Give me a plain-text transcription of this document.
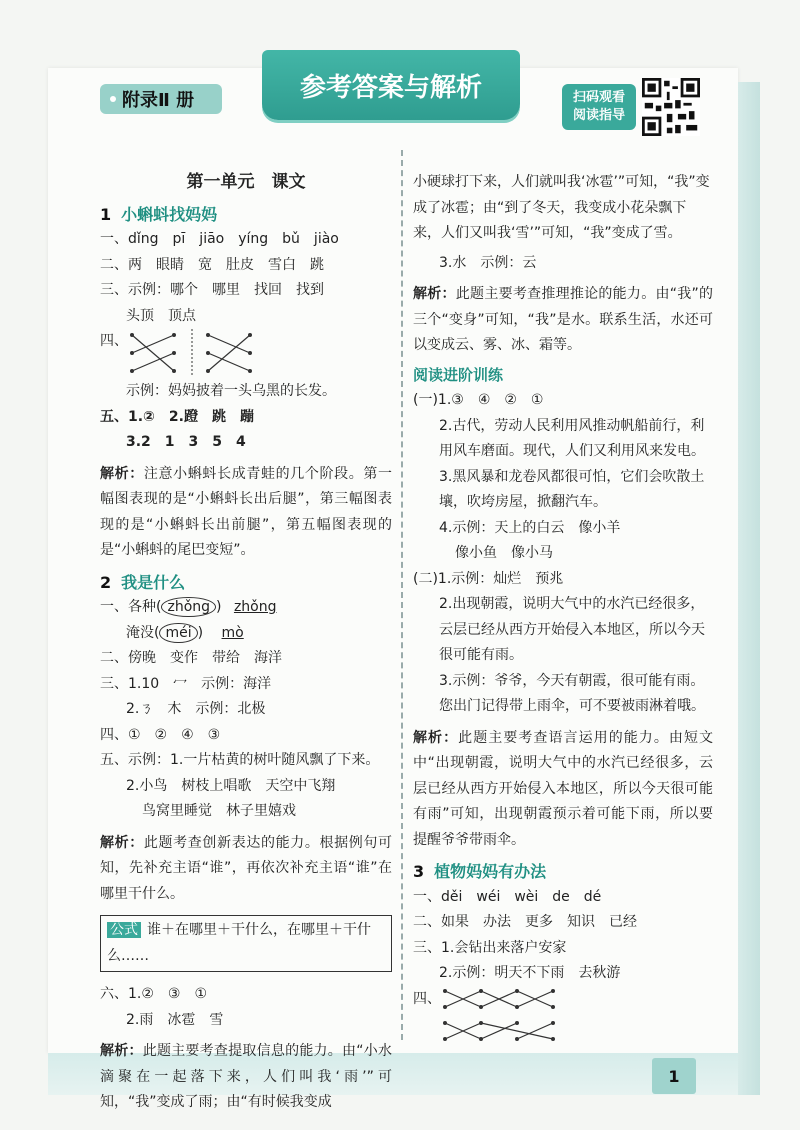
1
附录Ⅱ 册	参考答案与解析	扫码观看
阅读指导
第一单元　课文
1 小蝌蚪找妈妈
一、dǐng　pī　jiāo　yíng　bǔ　jiào
二、两　眼睛　宽　肚皮　雪白　跳
三、示例：哪个　哪里　找回　找到
头顶　顶点
四、
示例：妈妈披着一头乌黑的长发。
五、1.②　2.蹬　跳　蹦
3.2　1　3　5　4
解析：注意小蝌蚪长成青蛙的几个阶段。第一幅图表现的是“小蝌蚪长出后腿”，第三幅图表现的是“小蝌蚪长出前腿”，第五幅图表现的是“小蝌蚪的尾巴变短”。
2 我是什么
一、各种( zhǒng ) zhǒng
淹没( méi ) mò
二、傍晚　变作　带给　海洋
三、1.10　冖　示例：海洋
2.ㄋ　木　示例：北极
四、①　②　④　③
五、示例：1.一片枯黄的树叶随风飘了下来。
2.小鸟　树枝上唱歌　天空中飞翔
鸟窝里睡觉　林子里嬉戏
解析：此题考查创新表达的能力。根据例句可知，先补充主语“谁”，再依次补充主语“谁”在哪里干什么。
公式 谁＋在哪里＋干什么，在哪里＋干什么……
六、1.②　③　①
2.雨　冰雹　雪
解析：此题主要考查提取信息的能力。由“小水滴聚在一起落下来，人们叫我‘雨’”可知，“我”变成了雨；由“有时候我变成
小硬球打下来，人们就叫我‘冰雹’”可知，“我”变成了冰雹；由“到了冬天，我变成小花朵飘下来，人们又叫我‘雪’”可知，“我”变成了雪。
3.水　示例：云
解析：此题主要考查推理推论的能力。由“我”的三个“变身”可知，“我”是水。联系生活，水还可以变成云、雾、冰、霜等。
阅读进阶训练
(一)1.③　④　②　①
2.古代，劳动人民利用风推动帆船前行，利用风车磨面。现代，人们又利用风来发电。
3.黑风暴和龙卷风都很可怕，它们会吹散土壤，吹垮房屋，掀翻汽车。
4.示例：天上的白云　像小羊
像小鱼　像小马
(二)1.示例：灿烂　预兆
2.出现朝霞，说明大气中的水汽已经很多，云层已经从西方开始侵入本地区，所以今天很可能有雨。
3.示例：爷爷，今天有朝霞，很可能有雨。您出门记得带上雨伞，可不要被雨淋着哦。
解析：此题主要考查语言运用的能力。由短文中“出现朝霞，说明大气中的水汽已经很多，云层已经从西方开始侵入本地区，所以今天很可能有雨”可知，出现朝霞预示着可能下雨，所以要提醒爷爷带雨伞。
3 植物妈妈有办法
一、děi　wéi　wèi　de　dé
二、如果　办法　更多　知识　已经
三、1.会钻出来落户安家
2.示例：明天不下雨　去秋游
四、
